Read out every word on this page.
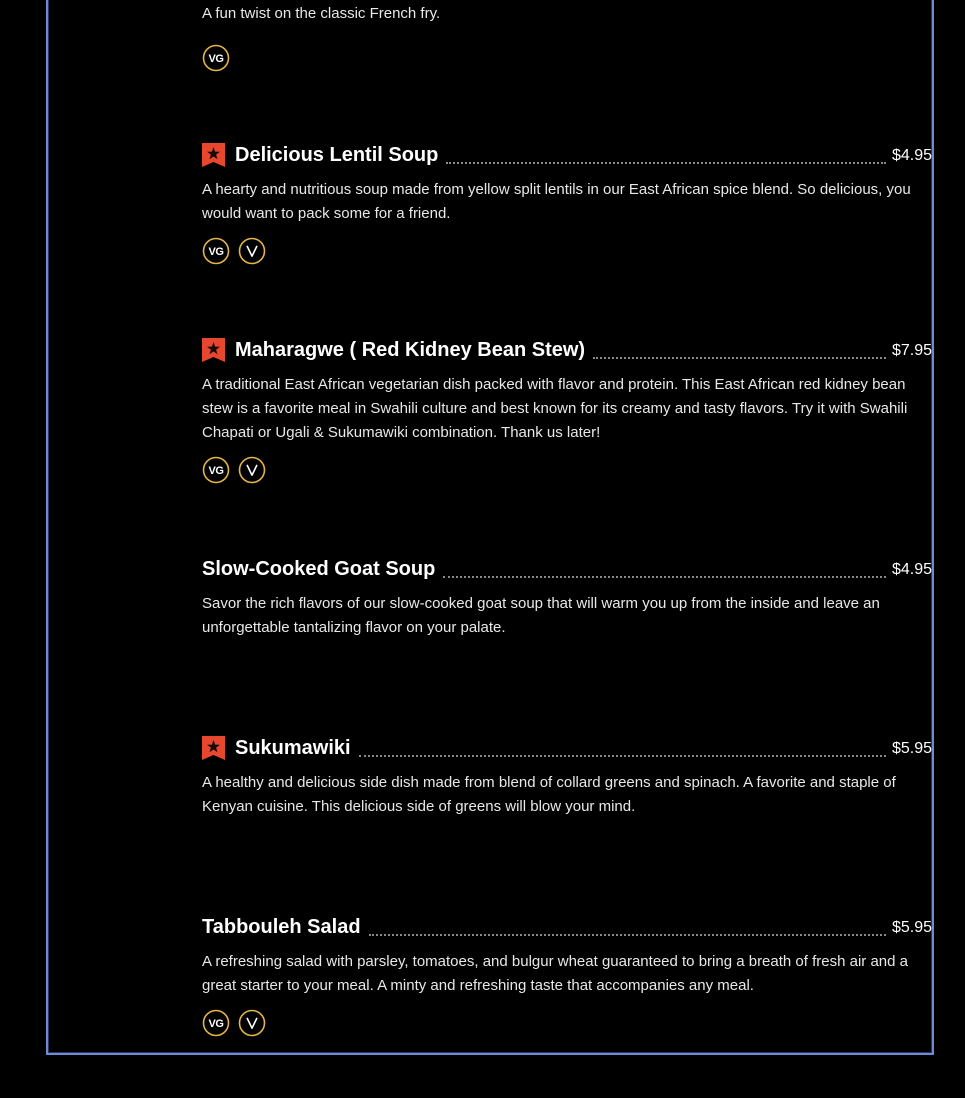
A fun twist on the classic French fry.
Delicious Lentil Soup	$4.95
A hearty and nutritious soup made from yellow split lentils in our East African spice blend. So delicious, you would want to pack some for a friend.
Maharagwe ( Red Kidney Bean Stew)	$7.95
A traditional East African vegetarian dish packed with flavor and protein. This East African red kidney bean stew is a favorite meal in Swahili culture and best known for its creamy and tasty flavors. Try it with Swahili Chapati or Ugali & Sukumawiki combination. Thank us later!
Slow-Cooked Goat Soup	$4.95
Savor the rich flavors of our slow-cooked goat soup that will warm you up from the inside and leave an unforgettable tantalizing flavor on your palate.
Sukumawiki	$5.95
A healthy and delicious side dish made from blend of collard greens and spinach. A favorite and staple of Kenyan cuisine. This delicious side of greens will blow your mind.
Tabbouleh Salad	$5.95
A refreshing salad with parsley, tomatoes, and bulgur wheat guaranteed to bring a breath of fresh air and a great starter to your meal. A minty and refreshing taste that accompanies any meal.
